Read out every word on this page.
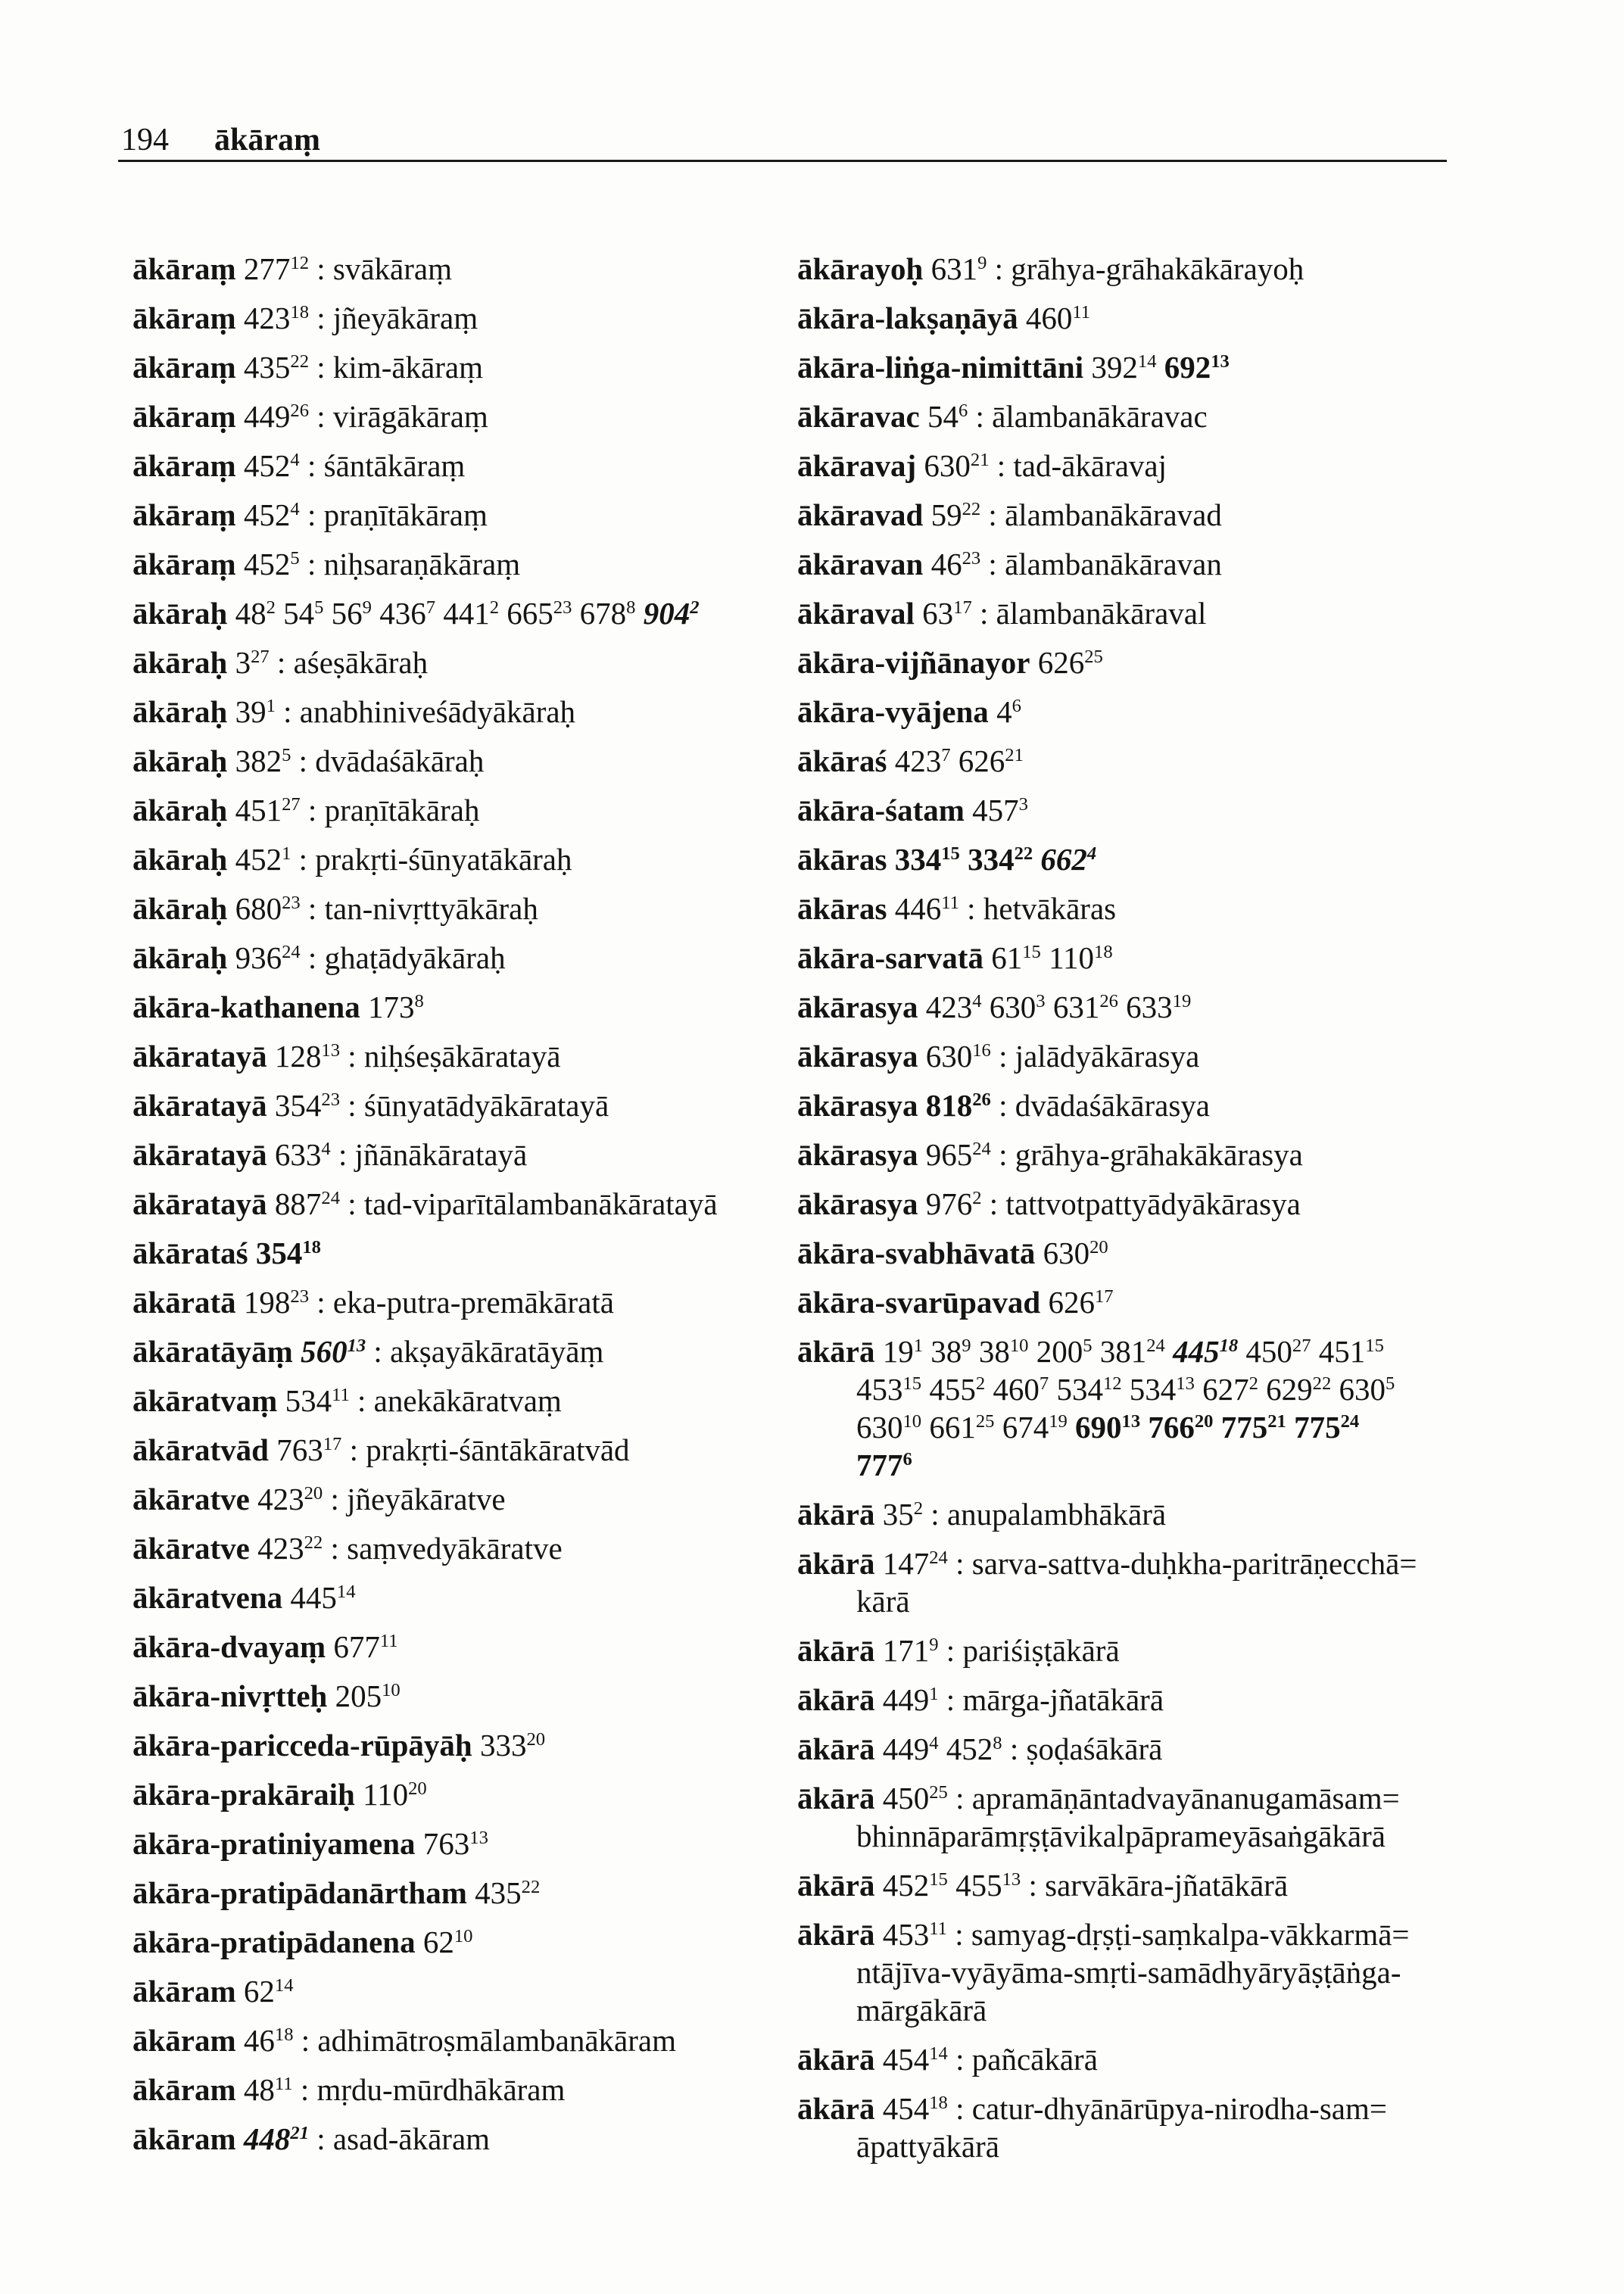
194 ākāraṃ
ākāraṃ $277^{12}$ : svākāraṃ
ākāraṃ $423^{18}$ : jñeyākāraṃ
ākāraṃ $435^{22}$ : kim-ākāraṃ
ākāraṃ $449^{26}$ : virāgākāraṃ
ākāraṃ $452^4$ : śāntākāraṃ
ākāraṃ $452^4$ : praṇītākāraṃ
ākāraṃ $452^5$ : niḥsaraṇākāraṃ
ākāraḥ $48^2$ $54^5$ $56^9$ $436^7$ $441^2$ $665^{23}$ $678^8$ $904^2$
ākāraḥ $3^{27}$ : aśeṣākāraḥ
ākāraḥ $39^1$ : anabhiniveśādyākāraḥ
ākāraḥ $382^5$ : dvādaśākāraḥ
ākāraḥ $451^{27}$ : praṇītākāraḥ
ākāraḥ $452^1$ : prakṛti-śūnyatākāraḥ
ākāraḥ $680^{23}$ : tan-nivṛttyākāraḥ
ākāraḥ $936^{24}$ : ghaṭādyākāraḥ
ākāra-kathanena $173^8$
ākāratayā $128^{13}$ : niḥśeṣākāratayā
ākāratayā $354^{23}$ : śūnyatādyākāratayā
ākāratayā $633^4$ : jñānākāratayā
ākāratayā $887^{24}$ : tad-viparītālambanākāratayā
ākārataś $354^{18}$
ākāratā $198^{23}$ : eka-putra-premākāratā
ākāratāyāṃ $560^{13}$ : akṣayākāratāyāṃ
ākāratvaṃ $534^{11}$ : anekākāratvaṃ
ākāratvād $763^{17}$ : prakṛti-śāntākāratvād
ākāratve $423^{20}$ : jñeyākāratve
ākāratve $423^{22}$ : saṃvedyākāratve
ākāratvena $445^{14}$
ākāra-dvayaṃ $677^{11}$
ākāra-nivṛtteḥ $205^{10}$
ākāra-paricceda-rūpāyāḥ $333^{20}$
ākāra-prakāraiḥ $110^{20}$
ākāra-pratiniyamena $763^{13}$
ākāra-pratipādanārtham $435^{22}$
ākāra-pratipādanena $62^{10}$
ākāram $62^{14}$
ākāram $46^{18}$ : adhimātroṣmālambanākāram
ākāram $48^{11}$ : mṛdu-mūrdhākāram
ākāram $448^{21}$ : asad-ākāram
ākārayoḥ $631^9$ : grāhya-grāhakākārayoḥ
ākāra-lakṣaṇāyā $460^{11}$
ākāra-liṅga-nimittāni $392^{14}$ $692^{13}$
ākāravac $54^6$ : ālambanākāravac
ākāravaj $630^{21}$ : tad-ākāravaj
ākāravad $59^{22}$ : ālambanākāravad
ākāravan $46^{23}$ : ālambanākāravan
ākāraval $63^{17}$ : ālambanākāraval
ākāra-vijñānayor $626^{25}$
ākāra-vyājena $4^6$
ākāraś $423^7$ $626^{21}$
ākāra-śatam $457^3$
ākāras $334^{15}$ $334^{22}$ $662^4$
ākāras $446^{11}$ : hetvākāras
ākāra-sarvatā $61^{15}$ $110^{18}$
ākārasya $423^4$ $630^3$ $631^{26}$ $633^{19}$
ākārasya $630^{16}$ : jalādyākārasya
ākārasya $818^{26}$ : dvādaśākārasya
ākārasya $965^{24}$ : grāhya-grāhakākārasya
ākārasya $976^2$ : tattvotpattyādyākārasya
ākāra-svabhāvatā $630^{20}$
ākāra-svarūpavad $626^{17}$
ākārā $19^1$ $38^9$ $38^{10}$ $200^5$ $381^{24}$ $445^{18}$ $450^{27}$ $451^{15}$
$453^{15}$ $455^2$ $460^7$ $534^{12}$ $534^{13}$ $627^2$ $629^{22}$ $630^5$
$630^{10}$ $661^{25}$ $674^{19}$ $690^{13}$ $766^{20}$ $775^{21}$ $775^{24}$
$777^6$
ākārā $35^2$ : anupalambhākārā
ākārā $147^{24}$ : sarva-sattva-duḥkha-paritrāṇecchā=
kārā
ākārā $171^9$ : pariśiṣṭākārā
ākārā $449^1$ : mārga-jñatākārā
ākārā $449^4$ $452^8$ : ṣoḍaśākārā
ākārā $450^{25}$ : apramāṇāntadvayānanugamāsam=
bhinnāparāmṛṣṭāvikalpāprameyāsaṅgākārā
ākārā $452^{15}$ $455^{13}$ : sarvākāra-jñatākārā
ākārā $453^{11}$ : samyag-dṛṣṭi-saṃkalpa-vākkarmā=
ntājīva-vyāyāma-smṛti-samādhyāryāṣṭāṅga-
mārgākārā
ākārā $454^{14}$ : pañcākārā
ākārā $454^{18}$ : catur-dhyānārūpya-nirodha-sam=
āpattyākārā
